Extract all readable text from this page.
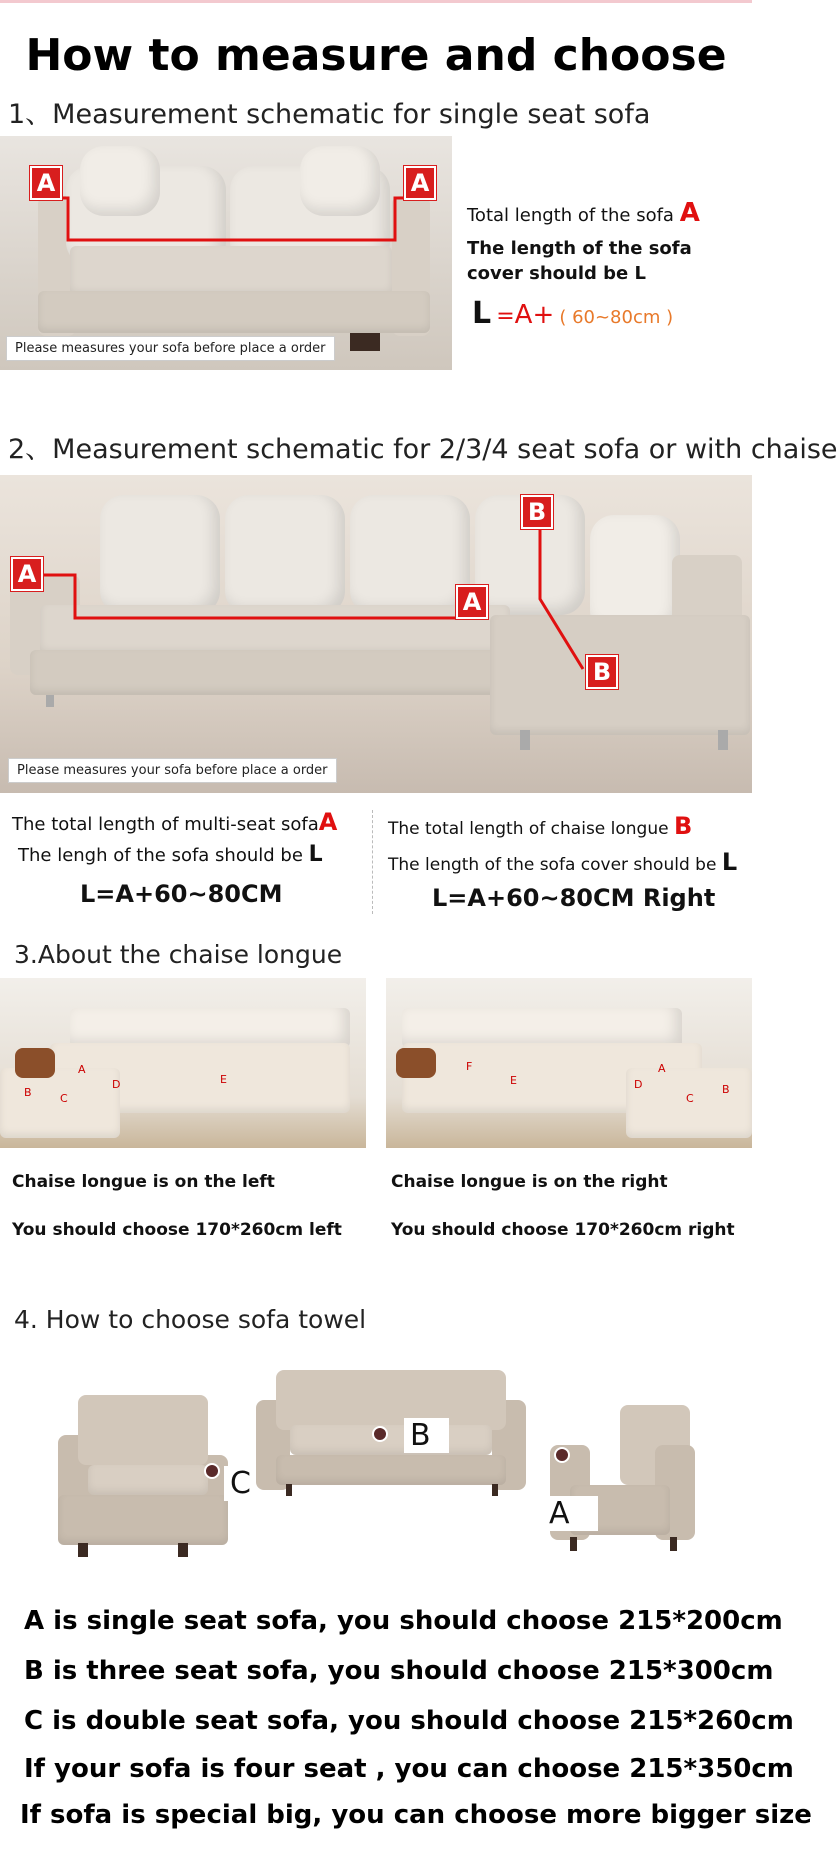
How to measure and choose
1、Measurement schematic for single seat sofa
A	A
Please measures your sofa before place a order
Total length of the sofa A
The length of the sofa
cover should be L
L =A+ ( 60~80cm )
2、Measurement schematic for 2/3/4 seat sofa or with chaise
A
A
B
B
Please measures your sofa before place a order
The total length of multi-seat sofaA
The lengh of the sofa should be L
L=A+60~80CM
The total length of chaise longue B
The length of the sofa cover should be L
L=A+60~80CM Right
3.About the chaise longue
A
B	C
D	E
F
E	D	B
C
A
Chaise longue is on the left
You should choose 170*260cm left
Chaise longue is on the right
You should choose 170*260cm right
4. How to choose sofa towel
C
B
A
A is single seat sofa, you should choose 215*200cm
B is three seat sofa, you should choose 215*300cm
C is double seat sofa, you should choose 215*260cm
If your sofa is four seat , you can choose 215*350cm
If sofa is special big, you can choose more bigger size
